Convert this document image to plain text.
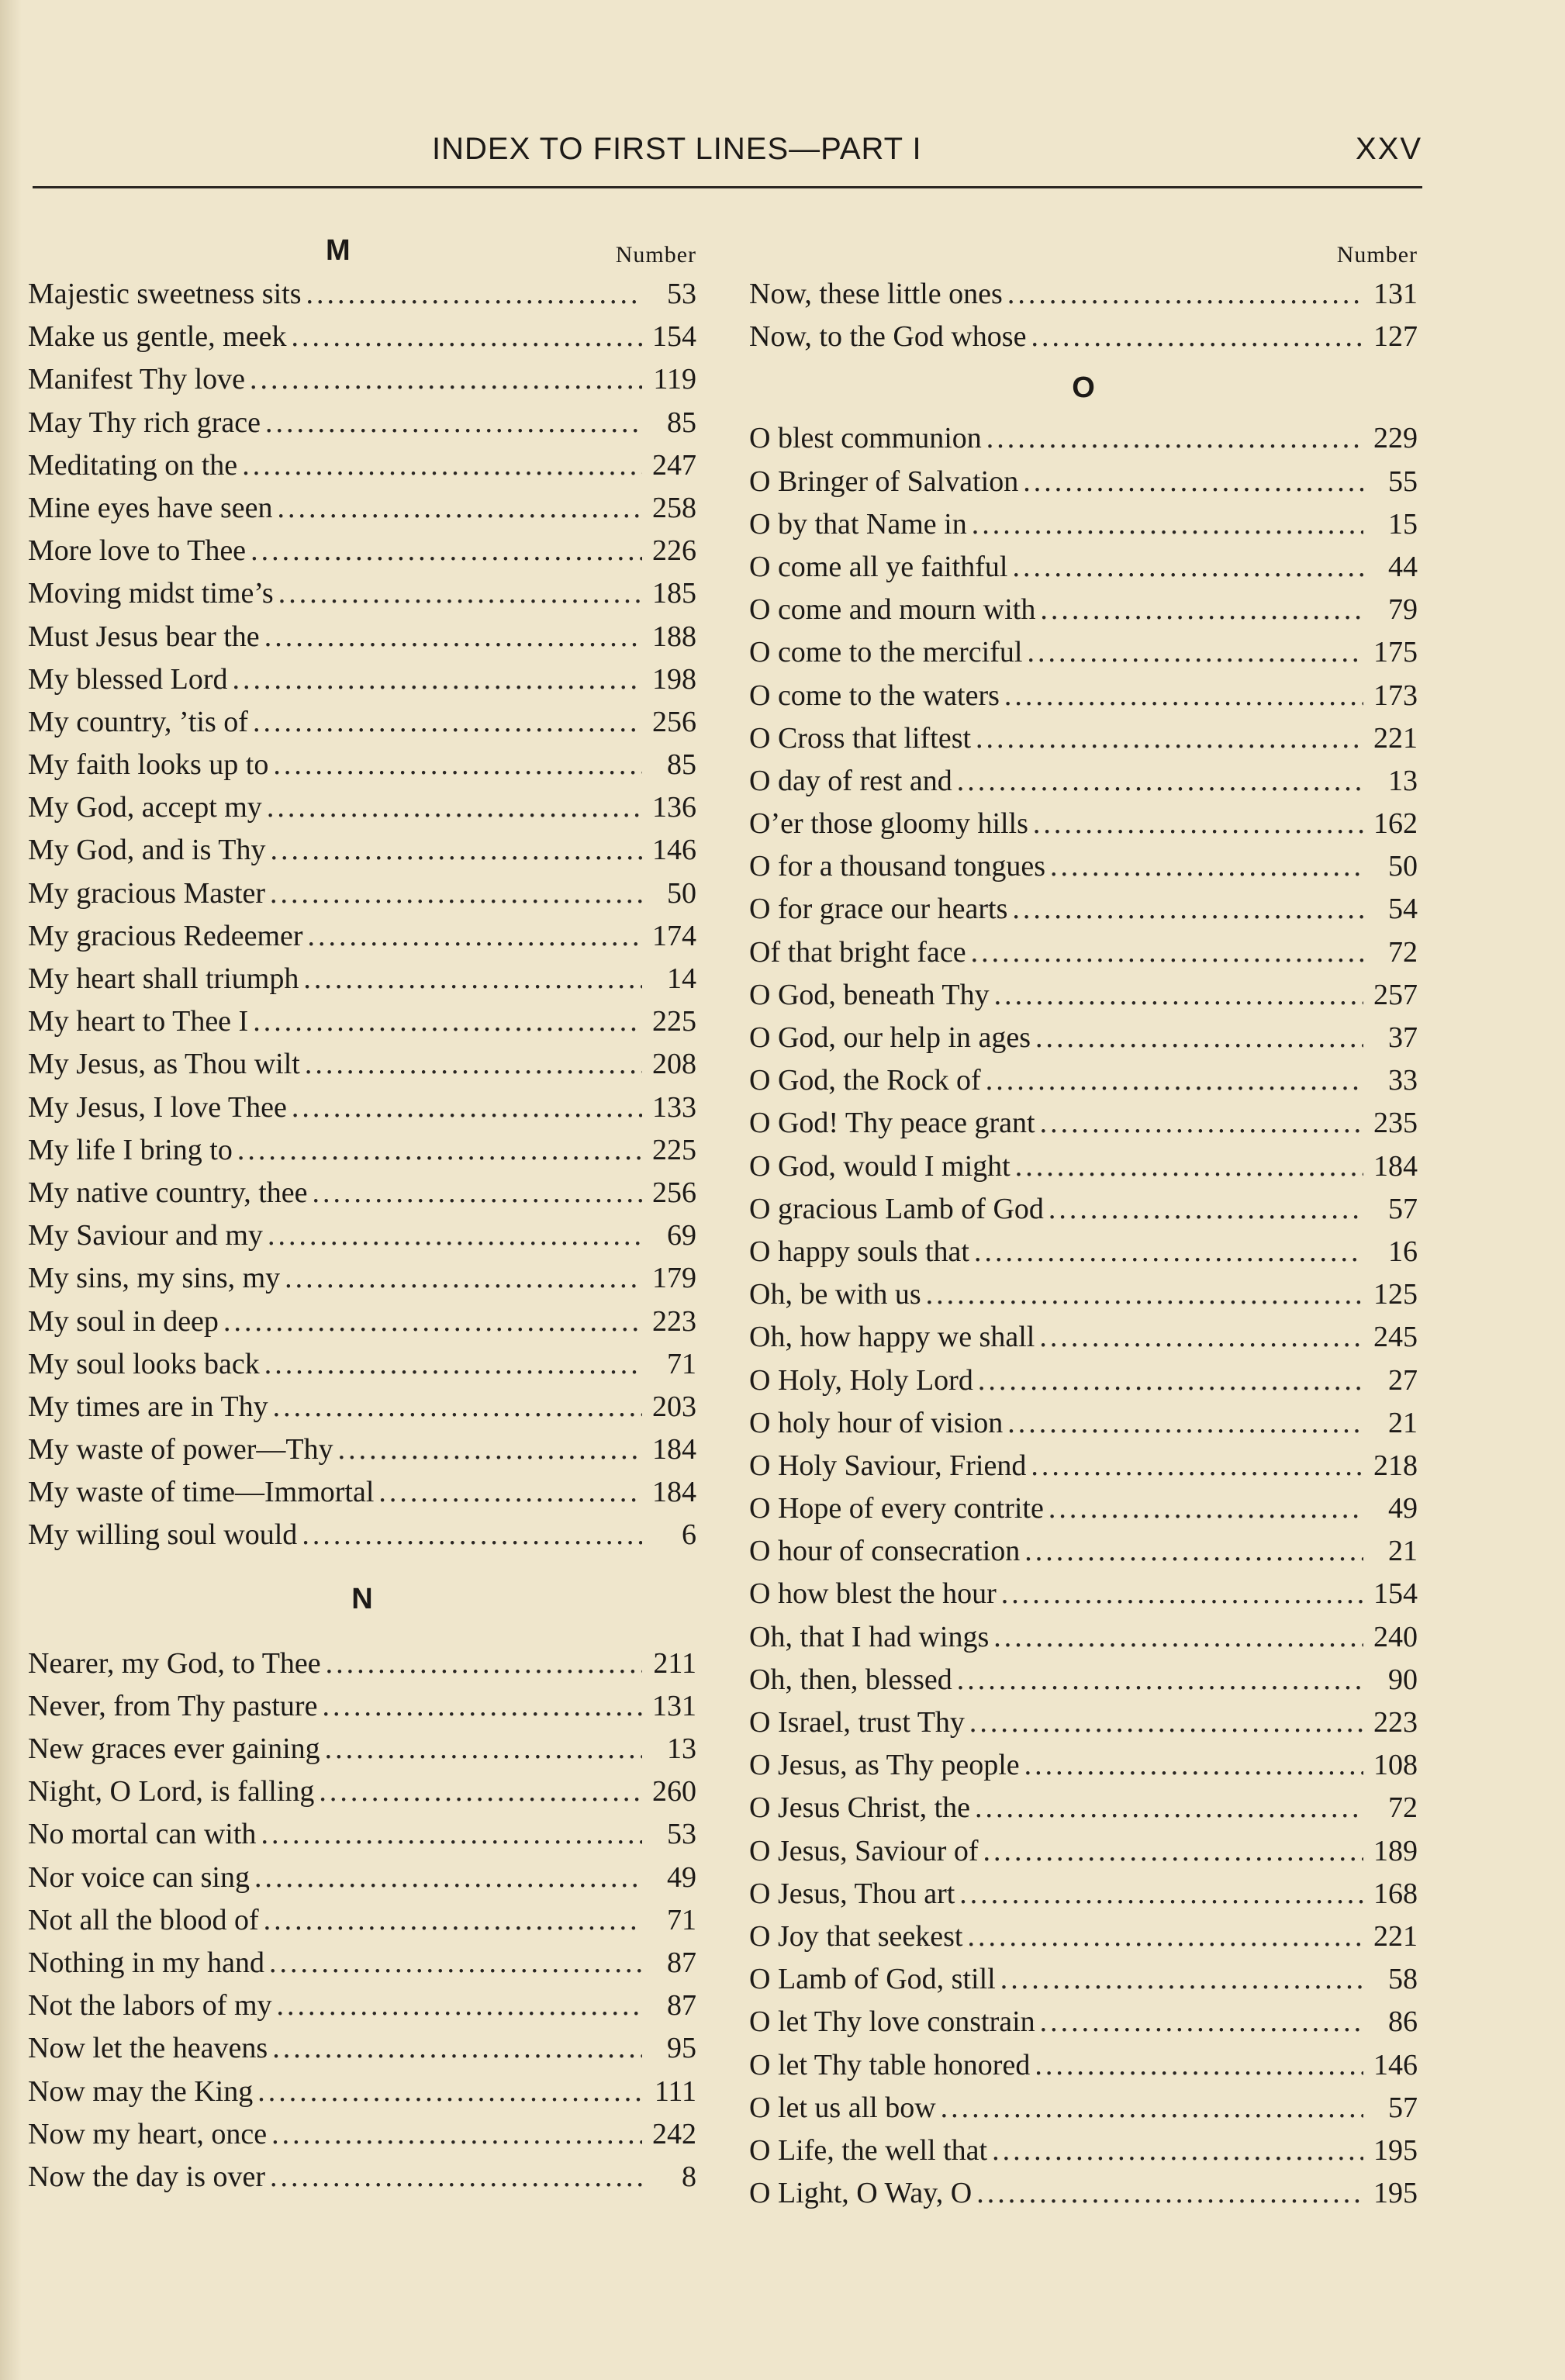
INDEX TO FIRST LINES—PART I	XXV
M	Number
Majestic sweetness sits .....	53
Make us gentle, meek .....	154
Manifest Thy love .....	119
May Thy rich grace .....	85
Meditating on the .....	247
Mine eyes have seen .....	258
More love to Thee .....	226
Moving midst time’s .....	185
Must Jesus bear the .....	188
My blessed Lord .....	198
My country, ’tis of .....	256
My faith looks up to .....	85
My God, accept my .....	136
My God, and is Thy .....	146
My gracious Master .....	50
My gracious Redeemer .....	174
My heart shall triumph .....	14
My heart to Thee I .....	225
My Jesus, as Thou wilt .....	208
My Jesus, I love Thee .....	133
My life I bring to .....	225
My native country, thee .....	256
My Saviour and my .....	69
My sins, my sins, my .....	179
My soul in deep .....	223
My soul looks back .....	71
My times are in Thy .....	203
My waste of power—Thy .....	184
My waste of time—Immortal .....	184
My willing soul would .....	6
N
Nearer, my God, to Thee .....	211
Never, from Thy pasture .....	131
New graces ever gaining .....	13
Night, O Lord, is falling .....	260
No mortal can with .....	53
Nor voice can sing .....	49
Not all the blood of .....	71
Nothing in my hand .....	87
Not the labors of my .....	87
Now let the heavens .....	95
Now may the King .....	111
Now my heart, once .....	242
Now the day is over .....	8
Number
Now, these little ones .....	131
Now, to the God whose .....	127
O
O blest communion .....	229
O Bringer of Salvation .....	55
O by that Name in .....	15
O come all ye faithful .....	44
O come and mourn with .....	79
O come to the merciful .....	175
O come to the waters .....	173
O Cross that liftest .....	221
O day of rest and .....	13
O’er those gloomy hills .....	162
O for a thousand tongues .....	50
O for grace our hearts .....	54
Of that bright face .....	72
O God, beneath Thy .....	257
O God, our help in ages .....	37
O God, the Rock of .....	33
O God! Thy peace grant .....	235
O God, would I might .....	184
O gracious Lamb of God .....	57
O happy souls that .....	16
Oh, be with us .....	125
Oh, how happy we shall .....	245
O Holy, Holy Lord .....	27
O holy hour of vision .....	21
O Holy Saviour, Friend .....	218
O Hope of every contrite .....	49
O hour of consecration .....	21
O how blest the hour .....	154
Oh, that I had wings .....	240
Oh, then, blessed .....	90
O Israel, trust Thy .....	223
O Jesus, as Thy people .....	108
O Jesus Christ, the .....	72
O Jesus, Saviour of .....	189
O Jesus, Thou art .....	168
O Joy that seekest .....	221
O Lamb of God, still .....	58
O let Thy love constrain .....	86
O let Thy table honored .....	146
O let us all bow .....	57
O Life, the well that .....	195
O Light, O Way, O .....	195
